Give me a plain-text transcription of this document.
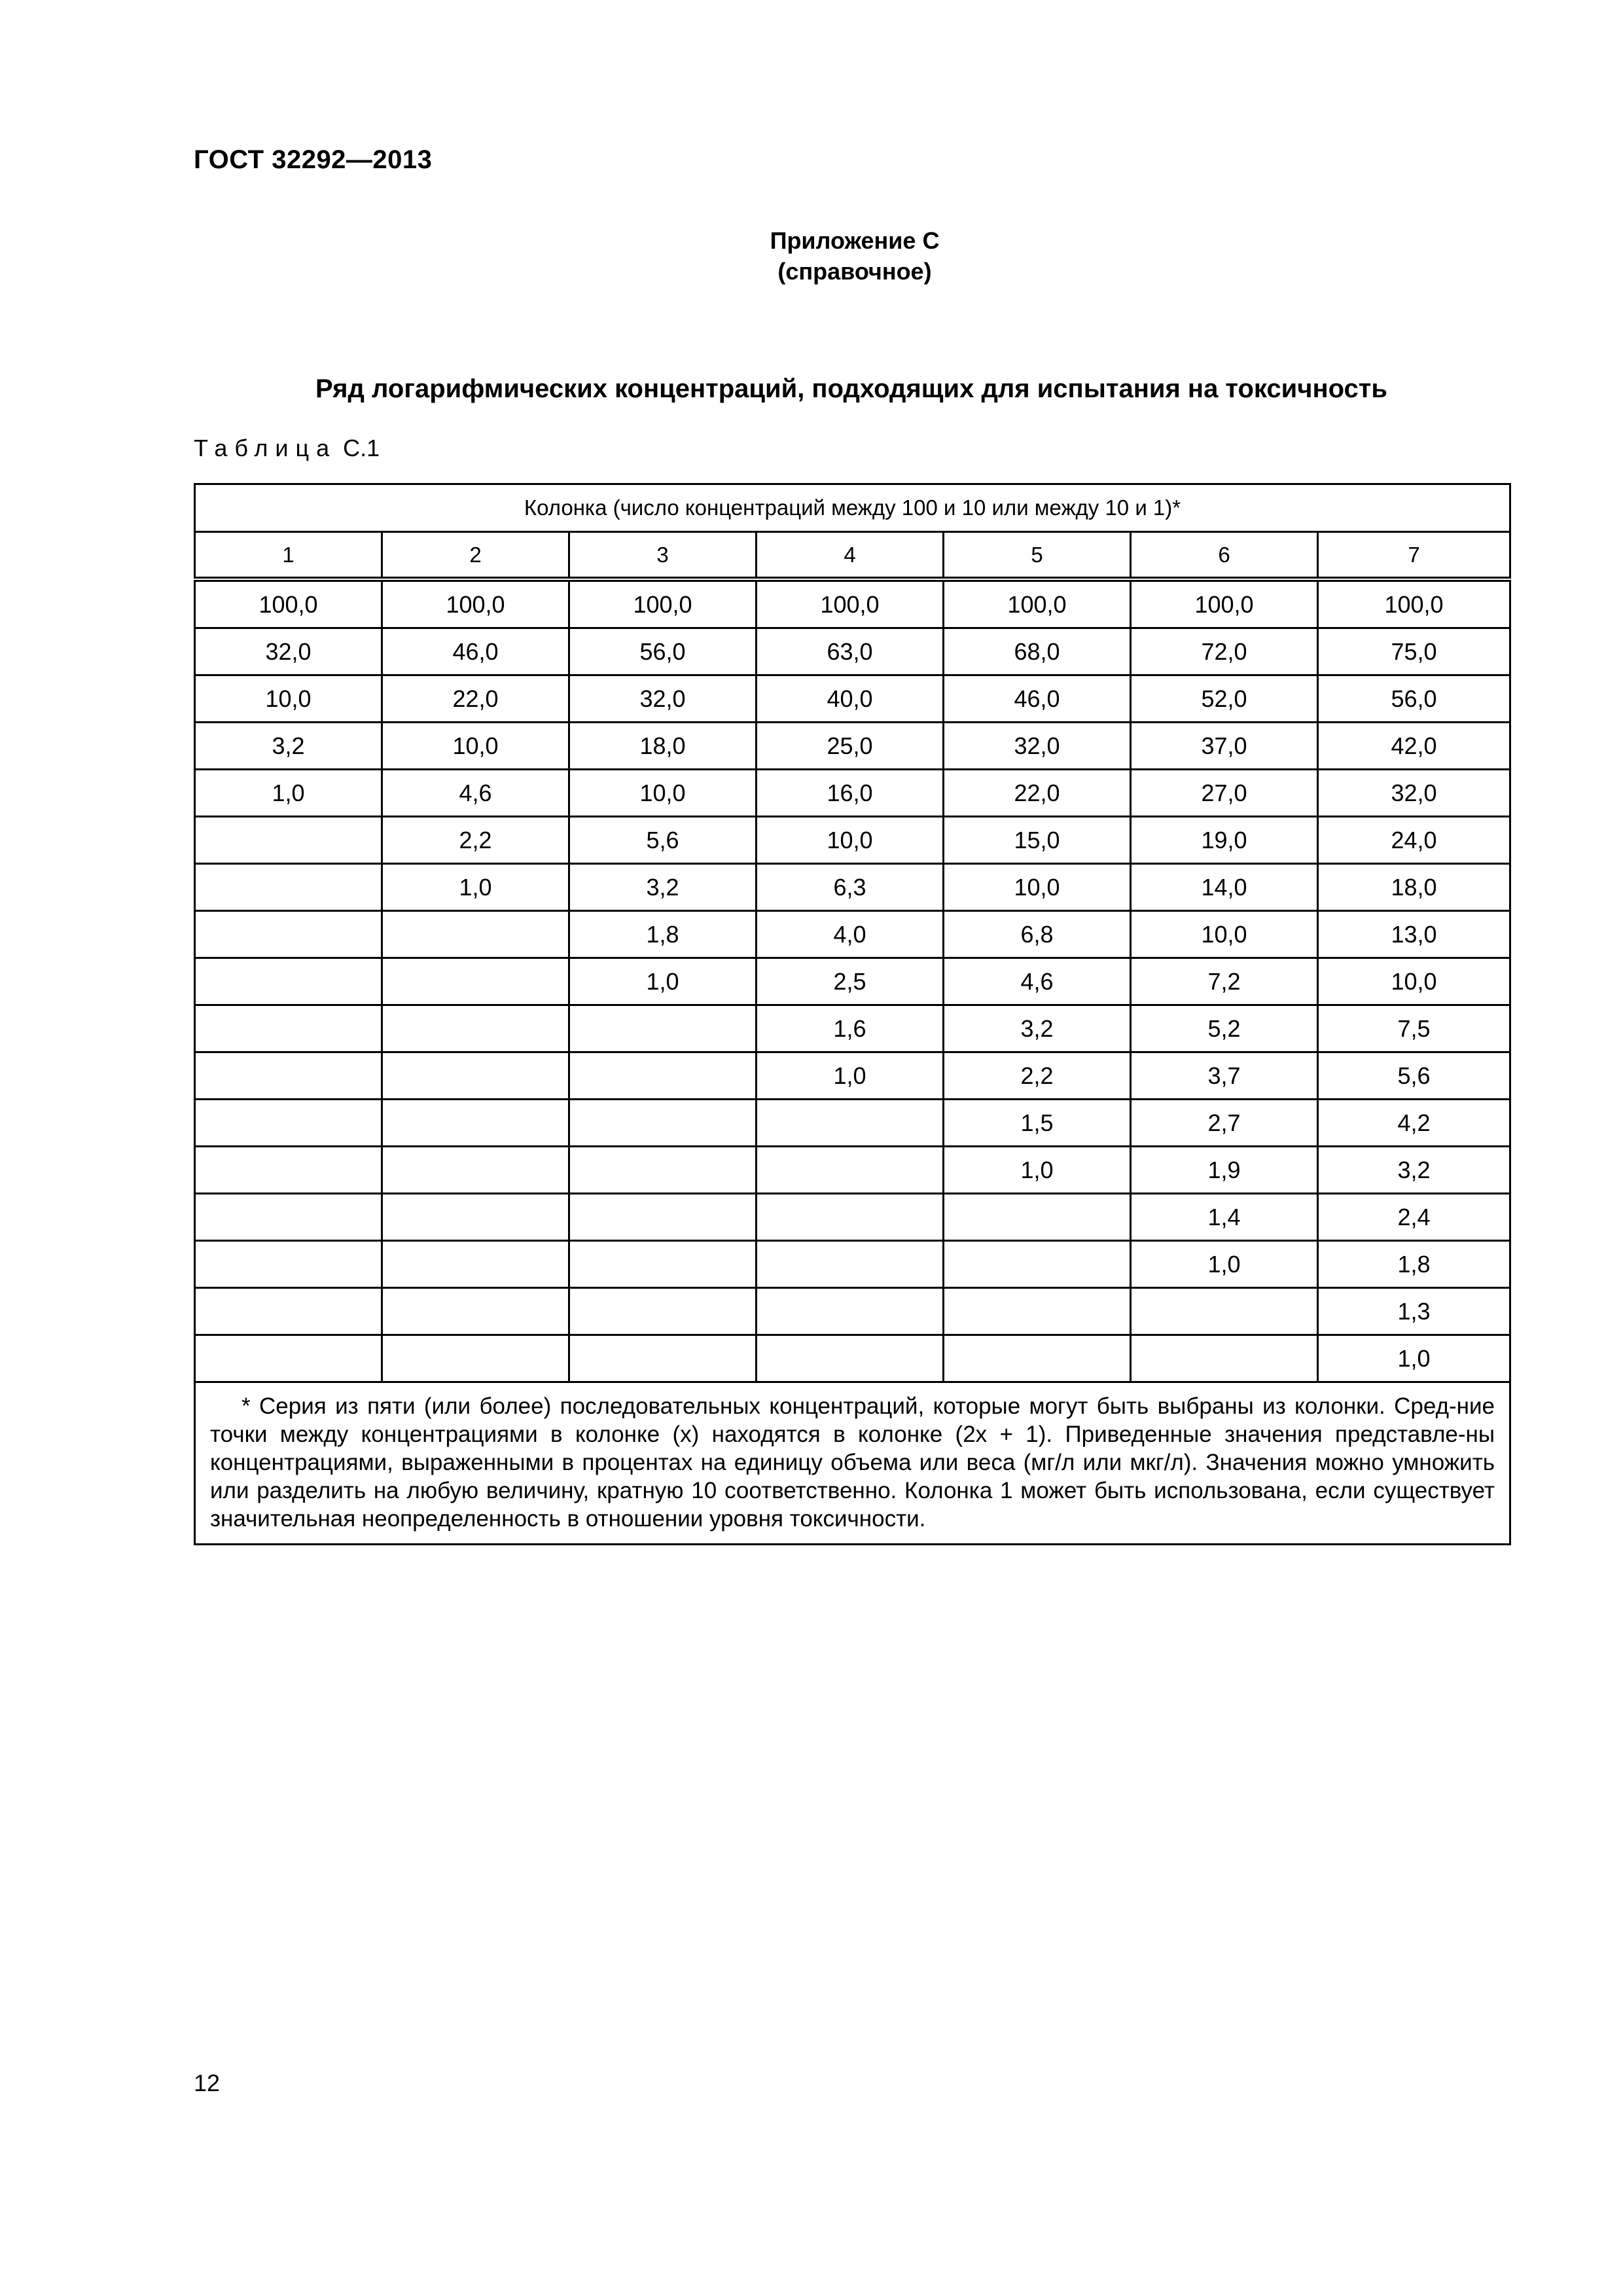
ГОСТ 32292—2013
Приложение С
(справочное)
Ряд логарифмических концентраций, подходящих для испытания на токсичность
Таблица С.1
Колонка (число концентраций между 100 и 10 или между 10 и 1)*						
1	2	3	4	5	6	7
100,0	100,0	100,0	100,0	100,0	100,0	100,0
32,0	46,0	56,0	63,0	68,0	72,0	75,0
10,0	22,0	32,0	40,0	46,0	52,0	56,0
3,2	10,0	18,0	25,0	32,0	37,0	42,0
1,0	4,6	10,0	16,0	22,0	27,0	32,0
	2,2	5,6	10,0	15,0	19,0	24,0
	1,0	3,2	6,3	10,0	14,0	18,0
		1,8	4,0	6,8	10,0	13,0
		1,0	2,5	4,6	7,2	10,0
			1,6	3,2	5,2	7,5
			1,0	2,2	3,7	5,6
				1,5	2,7	4,2
				1,0	1,9	3,2
					1,4	2,4
					1,0	1,8
						1,3
						1,0

* Серия из пяти (или более) последовательных концентраций, которые могут быть выбраны из колонки. Сред-ние точки между концентрациями в колонке (x) находятся в колонке (2x + 1). Приведенные значения представле-ны концентрациями, выраженными в процентах на единицу объема или веса (мг/л или мкг/л). Значения можно умножить или разделить на любую величину, кратную 10 соответственно. Колонка 1 может быть использована, если существует значительная неопределенность в отношении уровня токсичности.						
12
